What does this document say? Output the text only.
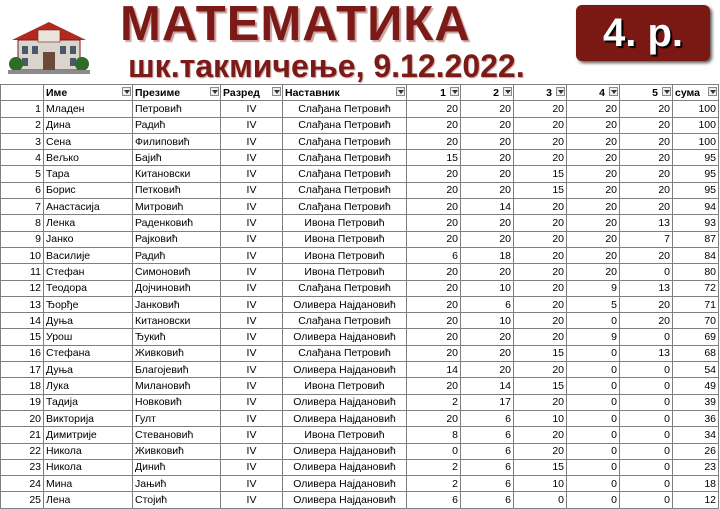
МАТЕМАТИКА
шк.такмичење, 9.12.2022.
4. р.
	Име	Презиме	Разред	Наставник	1	2	3	4	5	сума

1	Младен	Петровић	IV	Слађана Петровић	20	20	20	20	20	100
2	Дина	Радић	IV	Слађана Петровић	20	20	20	20	20	100
3	Сена	Филиповић	IV	Слађана Петровић	20	20	20	20	20	100
4	Вељко	Бајић	IV	Слађана Петровић	15	20	20	20	20	95
5	Тара	Китановски	IV	Слађана Петровић	20	20	15	20	20	95
6	Борис	Петковић	IV	Слађана Петровић	20	20	15	20	20	95
7	Анастасија	Митровић	IV	Слађана Петровић	20	14	20	20	20	94
8	Ленка	Раденковић	IV	Ивона Петровић	20	20	20	20	13	93
9	Јанко	Рајковић	IV	Ивона Петровић	20	20	20	20	7	87
10	Василије	Радић	IV	Ивона Петровић	6	18	20	20	20	84
11	Стефан	Симоновић	IV	Ивона Петровић	20	20	20	20	0	80
12	Теодора	Дојчиновић	IV	Слађана Петровић	20	10	20	9	13	72
13	Ђорђе	Јанковић	IV	Оливера Најдановић	20	6	20	5	20	71
14	Дуња	Китановски	IV	Слађана Петровић	20	10	20	0	20	70
15	Урош	Ђукић	IV	Оливера Најдановић	20	20	20	9	0	69
16	Стефана	Живковић	IV	Слађана Петровић	20	20	15	0	13	68
17	Дуња	Благојевић	IV	Оливера Најдановић	14	20	20	0	0	54
18	Лука	Милановић	IV	Ивона Петровић	20	14	15	0	0	49
19	Тадија	Новковић	IV	Оливера Најдановић	2	17	20	0	0	39
20	Викторија	Гулт	IV	Оливера Најдановић	20	6	10	0	0	36
21	Димитрије	Стевановић	IV	Ивона Петровић	8	6	20	0	0	34
22	Никола	Живковић	IV	Оливера Најдановић	0	6	20	0	0	26
23	Никола	Динић	IV	Оливера Најдановић	2	6	15	0	0	23
24	Мина	Јањић	IV	Оливера Најдановић	2	6	10	0	0	18
25	Лена	Стојић	IV	Оливера Најдановић	6	6	0	0	0	12
